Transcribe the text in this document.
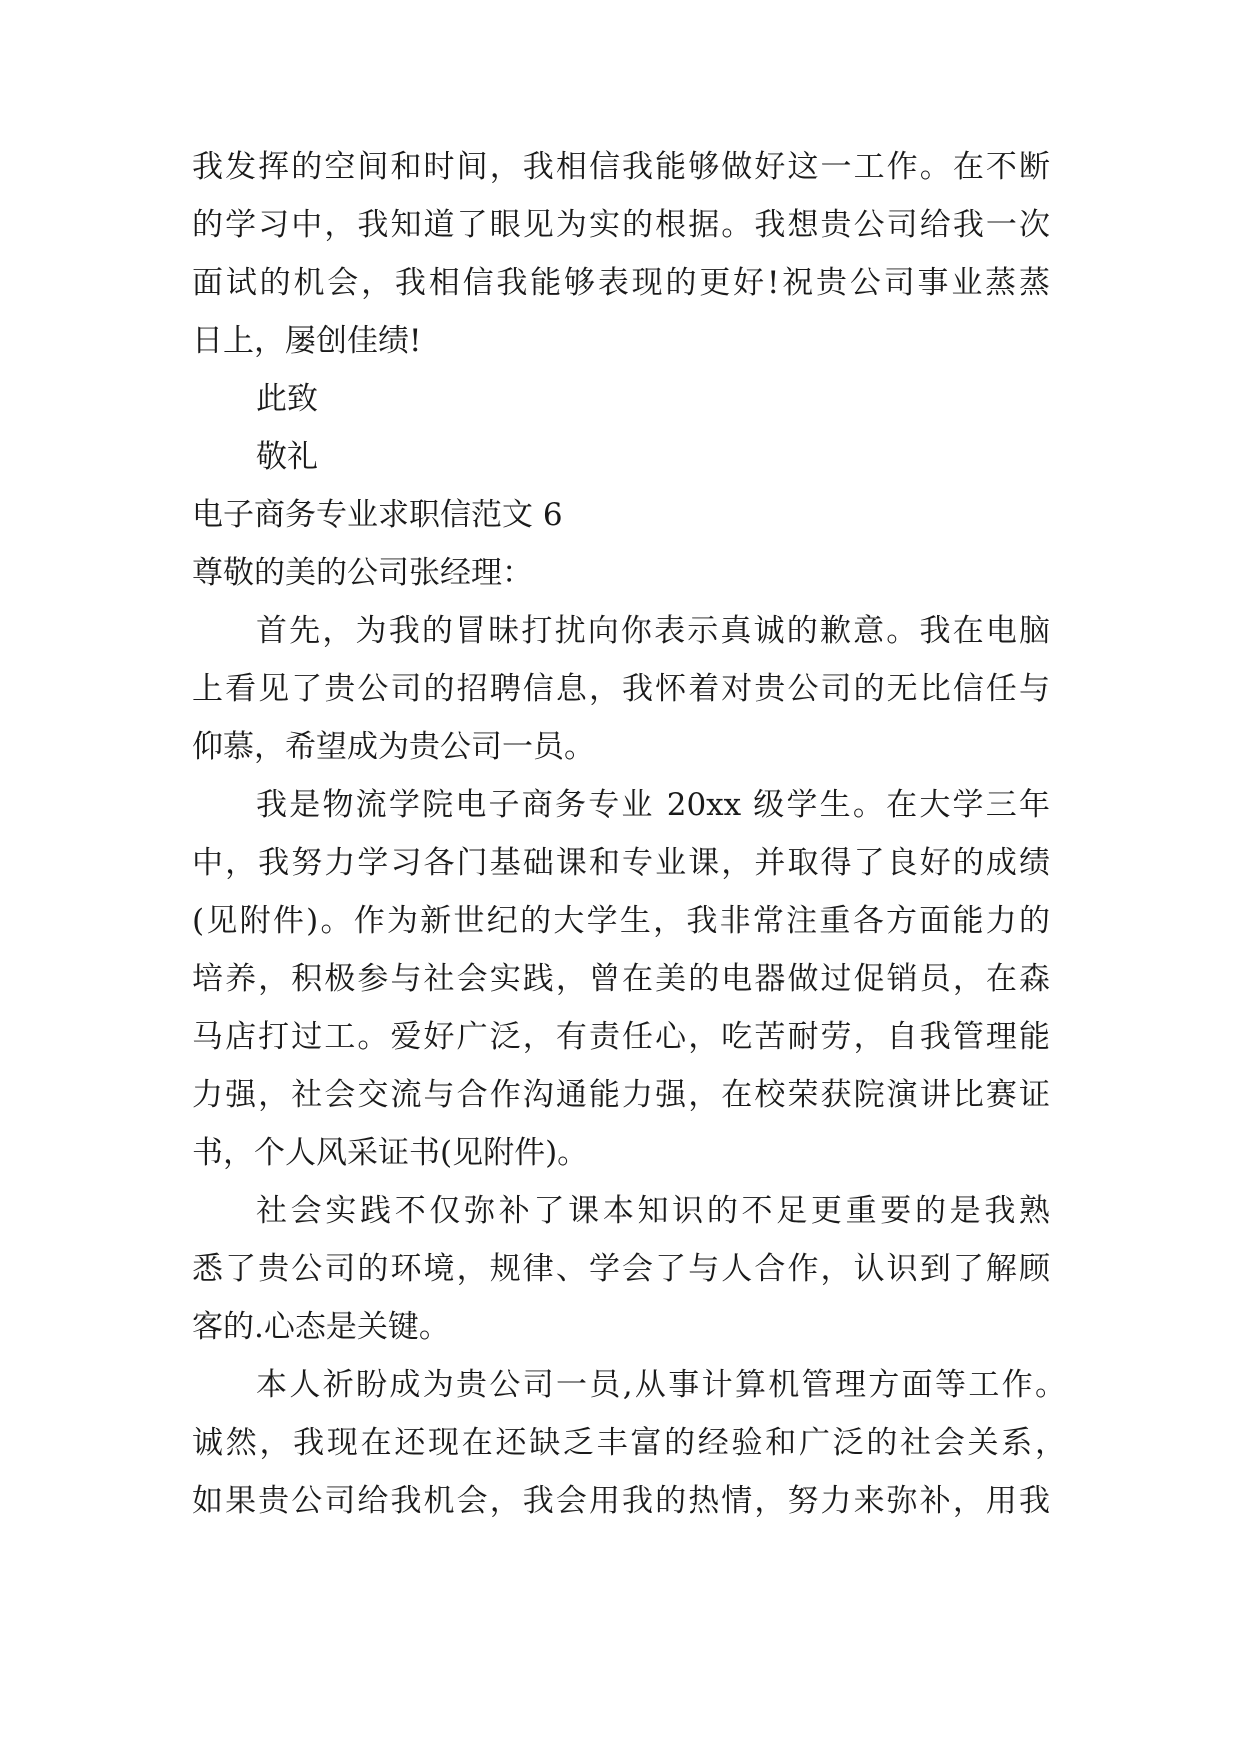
我发挥的空间和时间，我相信我能够做好这一工作。在不断
的学习中，我知道了眼见为实的根据。我想贵公司给我一次
面试的机会，我相信我能够表现的更好!祝贵公司事业蒸蒸
日上，屡创佳绩!
此致
敬礼
电子商务专业求职信范文 6
尊敬的美的公司张经理：
首先，为我的冒昧打扰向你表示真诚的歉意。我在电脑
上看见了贵公司的招聘信息，我怀着对贵公司的无比信任与
仰慕，希望成为贵公司一员。
我是物流学院电子商务专业 20xx 级学生。在大学三年
中，我努力学习各门基础课和专业课，并取得了良好的成绩
(见附件)。作为新世纪的大学生，我非常注重各方面能力的
培养，积极参与社会实践，曾在美的电器做过促销员，在森
马店打过工。爱好广泛，有责任心，吃苦耐劳，自我管理能
力强，社会交流与合作沟通能力强，在校荣获院演讲比赛证
书，个人风采证书(见附件)。
社会实践不仅弥补了课本知识的不足更重要的是我熟
悉了贵公司的环境，规律、学会了与人合作，认识到了解顾
客的.心态是关键。
本人祈盼成为贵公司一员,从事计算机管理方面等工作。
诚然，我现在还现在还缺乏丰富的经验和广泛的社会关系，
如果贵公司给我机会，我会用我的热情，努力来弥补，用我
